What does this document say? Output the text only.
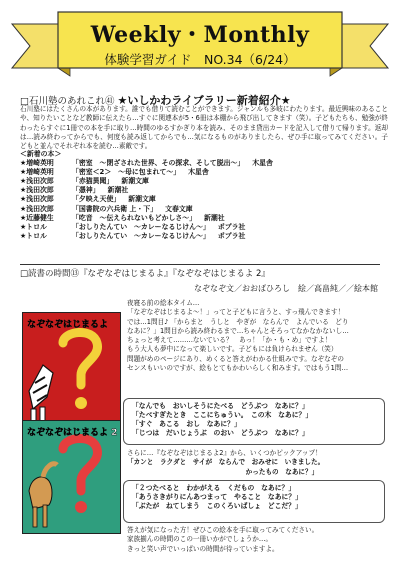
Weekly・Monthly
体験学習ガイド　NO.34（6/24）
□石川塾のあれこれ㊶ ★いしかわライブラリー新着紹介★
石川塾にはたくさんの本があります。誰でも借りて読むことができます。ジャンルも多岐にわたります。最近興味のあることや、知りたいことなど教師に伝えたら…すぐに関連本が5・6冊は本棚から飛び出してきます（笑）。子どもたちも、勉強が終わったらすぐに1冊での本を手に取り…時間のゆるすかぎり本を読み、そのまま貸出カードを記入して借りて帰ります。返却は…読み終わってからでも、何度も読み返してからでも…気になるものがありましたら、ぜひ手に取ってみてください。子どもと並んでそれぞれ本を読む…素敵です。
＜新着の本＞
★増崎英明	「密室　〜閉ざされた世界、その探求、そして脱出〜」 木星舎
★増崎英明	「密室＜2＞　〜母に包まれて〜」 木星舎
★浅田次郎	「赤猫異聞」 新潮文庫
★浅田次郎	「憑神」 新潮社
★浅田次郎	「夕映え天使」 新潮文庫
★浅田次郎	「国書院の六兵衛 上・下」 文春文庫
★近藤健生	「吃音　〜伝えられないもどかしさ〜」 新潮社
★トロル	「おしりたんてい　〜カレーなるじけん〜」 ポプラ社
★トロル	「おしりたんてい　〜カレーなるじけん〜」 ポプラ社
□読書の時間⑬『なぞなぞはじまるよ』『なぞなぞはじまるよ 2』
なぞなぞ文／おおばひろし　絵／高畠純／／絵本館
なぞなぞはじまるよ
なぞなぞはじまるよ 2

夜寝る前の絵本タイム…

「なぞなぞはじまるよ〜！」ってと子どもに言うと、すっ飛んできます！

では…1問目♪ 「からまと　うしと　やぎが　ならんで　よんでいる　どり

なあに？」1問目から読み終わるまで…ちゃんとそろってなかなかないし…

ちょっと考えて………ないている？　あっ！「か・も・め」ですよ！

もう大人も夢中になって楽しいです。子どもには負けられません（笑）

問題がめのページにあり、めくると答えがわかる仕組みです。なぞなぞの

センスもいいのですが、絵もとてもかわいらしく和みます。ではもう1問…

「なんでも　おいしそうにたべる　どうぶつ　なあに？」
「たべすぎたとき　ここにちゅうい。　この木　なあに？」
「すぐ　あこる　おし　なあに？」
「じつは　だいじょうぶ　のおい　どうぶつ　なあに？」
さらに…『なぞなぞはじまるよ2』から、いくつかピックアップ！
「カンと　ラクダと　サイが　ならんで　おみせに　いきました。
　　　　　　　　　　　　　　　　　　かったもの　なあに？」
「２つたべると　わかがえる　くだもの　なあに？」
「あうさきがりにんあつまって　やること　なあに？」
「ぶたが　ねてしまう　このくろいばしょ　どこだ？」
答えが気になった方！ぜひこの絵本を手に取ってみてください。
家族揃んの時間のこの一冊いかがでしょうか…。
きっと笑い声でいっぱいの時間が待っていますよ。
